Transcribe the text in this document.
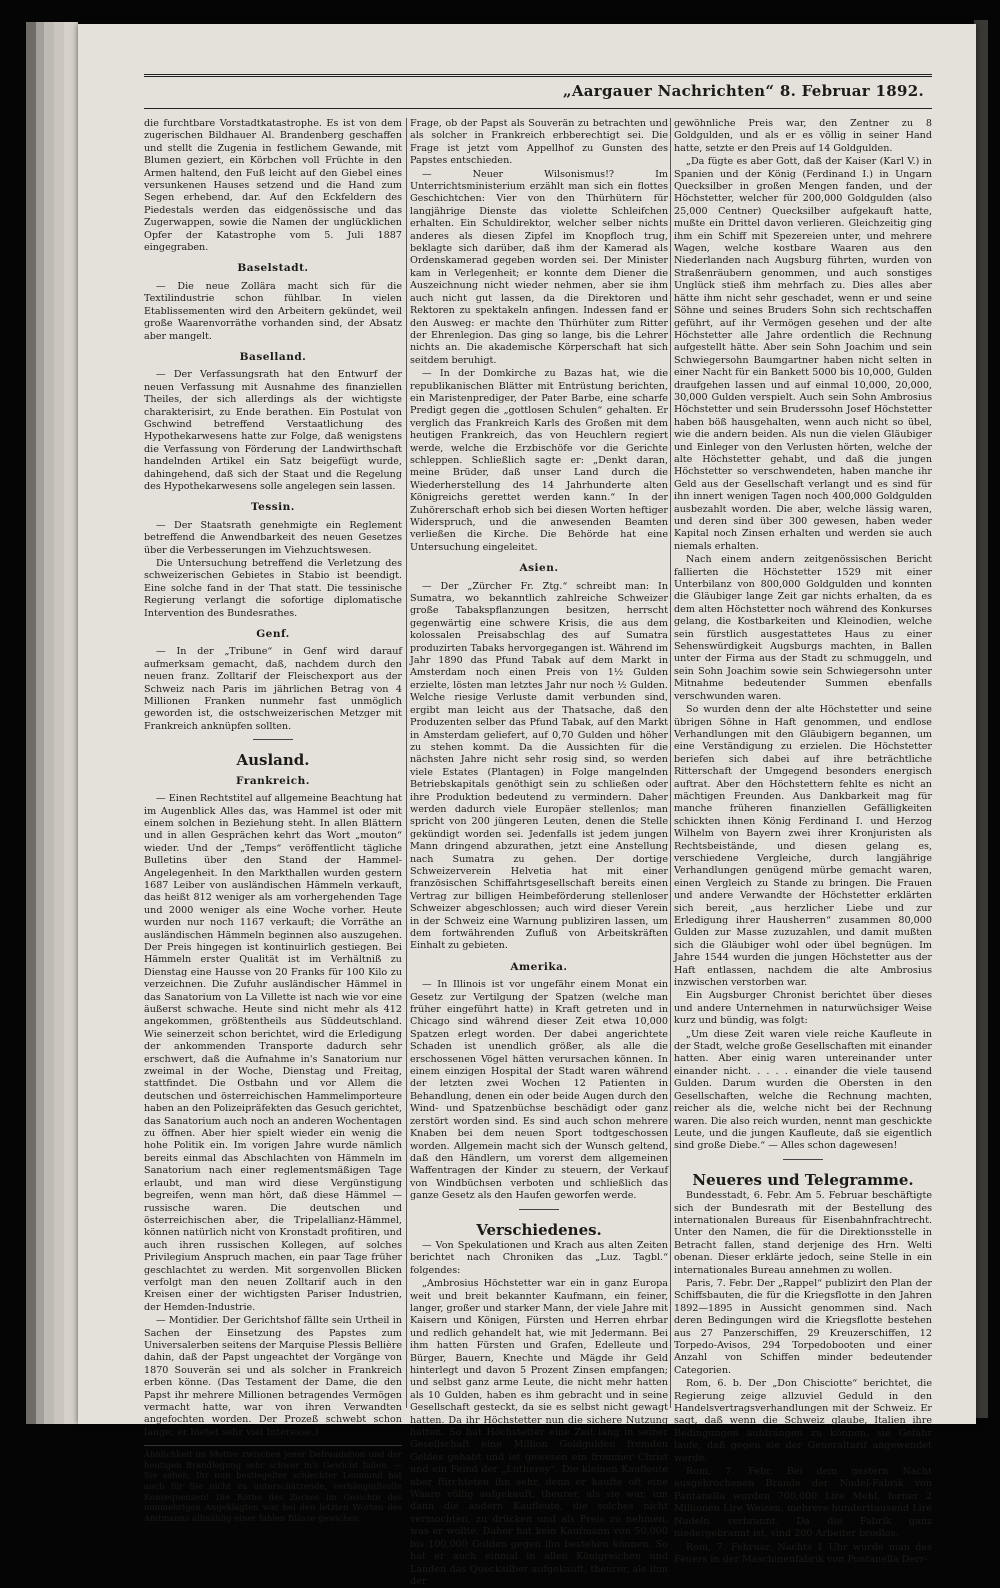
„Aargauer Nachrichten“ 8. Februar 1892.

die furchtbare Vorstadtkatastrophe. Es ist von dem zugerischen Bildhauer Al. Brandenberg geschaffen und stellt die Zugenia in festlichem Gewande, mit Blumen geziert, ein Körbchen voll Früchte in den Armen haltend, den Fuß leicht auf den Giebel eines versunkenen Hauses setzend und die Hand zum Segen erhebend, dar. Auf den Eckfeldern des Piedestals werden das eidgenössische und das Zugerwappen, sowie die Namen der unglücklichen Opfer der Katastrophe vom 5. Juli 1887 eingegraben.

Baselstadt.

— Die neue Zollära macht sich für die Textilindustrie schon fühlbar. In vielen Etablissementen wird den Arbeitern gekündet, weil große Waarenvorräthe vorhanden sind, der Absatz aber mangelt.

Baselland.

— Der Verfassungsrath hat den Entwurf der neuen Verfassung mit Ausnahme des finanziellen Theiles, der sich allerdings als der wichtigste charakterisirt, zu Ende berathen. Ein Postulat von Gschwind betreffend Verstaatlichung des Hypothekarwesens hatte zur Folge, daß wenigstens die Verfassung von Förderung der Landwirthschaft handelnden Artikel ein Satz beigefügt wurde, dahingehend, daß sich der Staat und die Regelung des Hypothekarwesens solle angelegen sein lassen.

Tessin.

— Der Staatsrath genehmigte ein Reglement betreffend die Anwendbarkeit des neuen Gesetzes über die Verbesserungen im Viehzuchtswesen.

Die Untersuchung betreffend die Verletzung des schweizerischen Gebietes in Stabio ist beendigt. Eine solche fand in der That statt. Die tessinische Regierung verlangt die sofortige diplomatische Intervention des Bundesrathes.

Genf.

— In der „Tribune“ in Genf wird darauf aufmerksam gemacht, daß, nachdem durch den neuen franz. Zolltarif der Fleischexport aus der Schweiz nach Paris im jährlichen Betrag von 4 Millionen Franken nunmehr fast unmöglich geworden ist, die ostschweizerischen Metzger mit Frankreich anknüpfen sollten.

Ausland.
Frankreich.

— Einen Rechtstitel auf allgemeine Beachtung hat im Augenblick Alles das, was Hammel ist oder mit einem solchen in Beziehung steht. In allen Blättern und in allen Gesprächen kehrt das Wort „mouton“ wieder. Und der „Temps“ veröffentlicht tägliche Bulletins über den Stand der Hammel-Angelegenheit. In den Markthallen wurden gestern 1687 Leiber von ausländischen Hämmeln verkauft, das heißt 812 weniger als am vorhergehenden Tage und 2000 weniger als eine Woche vorher. Heute wurden nur noch 1167 verkauft; die Vorräthe an ausländischen Hämmeln beginnen also auszugehen. Der Preis hingegen ist kontinuirlich gestiegen. Bei Hämmeln erster Qualität ist im Verhältniß zu Dienstag eine Hausse von 20 Franks für 100 Kilo zu verzeichnen. Die Zufuhr ausländischer Hämmel in das Sanatorium von La Villette ist nach wie vor eine äußerst schwache. Heute sind nicht mehr als 412 angekommen, größtentheils aus Süddeutschland. Wie seinerzeit schon berichtet, wird die Erledigung der ankommenden Transporte dadurch sehr erschwert, daß die Aufnahme in's Sanatorium nur zweimal in der Woche, Dienstag und Freitag, stattfindet. Die Ostbahn und vor Allem die deutschen und österreichischen Hammelimporteure haben an den Polizeipräfekten das Gesuch gerichtet, das Sanatorium auch noch an anderen Wochentagen zu öffnen. Aber hier spielt wieder ein wenig die hohe Politik ein. Im vorigen Jahre wurde nämlich bereits einmal das Abschlachten von Hämmeln im Sanatorium nach einer reglementsmäßigen Tage erlaubt, und man wird diese Vergünstigung begreifen, wenn man hört, daß diese Hämmel — russische waren. Die deutschen und österreichischen aber, die Tripelallianz-Hämmel, können natürlich nicht von Kronstadt profitiren, und auch ihren russischen Kollegen, auf solches Privilegium Anspruch machen, ein paar Tage früher geschlachtet zu werden. Mit sorgenvollen Blicken verfolgt man den neuen Zolltarif auch in den Kreisen einer der wichtigsten Pariser Industrien, der Hemden-Industrie.

— Montidier. Der Gerichtshof fällte sein Urtheil in Sachen der Einsetzung des Papstes zum Universalerben seitens der Marquise Plessis Bellière dahin, daß der Papst ungeachtet der Vorgänge von 1870 Souverän sei und als solcher in Frankreich erben könne. (Das Testament der Dame, die den Papst ihr mehrere Millionen betragendes Vermögen vermacht hatte, war von ihren Verwandten angefochten worden. Der Prozeß schwebt schon lange; er bietet sehr viel Interesse.)

Ähnlichkeit im Motive zwischen jener Defraudation und der heutigen Brandlegung sehr schwer in's Gewicht fallen. — Sie sehen, Ihr nun bestiegelter schlechter Leumund hat auch für Sie nicht zu unterschätzende, verhängnißvolle Konsequenzen! Die Röthe des Zornes im Gesichte des nunmehrigen Angeklagten war bei den letzten Worten des Amtmanns allmählig einer fahlen Blässe gewichen.

Frage, ob der Papst als Souverän zu betrachten und als solcher in Frankreich erbberechtigt sei. Die Frage ist jetzt vom Appellhof zu Gunsten des Papstes entschieden.

— Neuer Wilsonismus!? Im Unterrichtsministerium erzählt man sich ein flottes Geschichtchen: Vier von den Thürhütern für langjährige Dienste das violette Schleifchen erhalten. Ein Schuldirektor, welcher selber nichts anderes als diesen Zipfel im Knopfloch trug, beklagte sich darüber, daß ihm der Kamerad als Ordenskamerad gegeben worden sei. Der Minister kam in Verlegenheit; er konnte dem Diener die Auszeichnung nicht wieder nehmen, aber sie ihm auch nicht gut lassen, da die Direktoren und Rektoren zu spektakeln anfingen. Indessen fand er den Ausweg: er machte den Thürhüter zum Ritter der Ehrenlegion. Das ging so lange, bis die Lehrer nichts an. Die akademische Körperschaft hat sich seitdem beruhigt.

— In der Domkirche zu Bazas hat, wie die republikanischen Blätter mit Entrüstung berichten, ein Maristenprediger, der Pater Barbe, eine scharfe Predigt gegen die „gottlosen Schulen“ gehalten. Er verglich das Frankreich Karls des Großen mit dem heutigen Frankreich, das von Heuchlern regiert werde, welche die Erzbischöfe vor die Gerichte schleppen. Schließlich sagte er: „Denkt daran, meine Brüder, daß unser Land durch die Wiederherstellung des 14 Jahrhunderte alten Königreichs gerettet werden kann.“ In der Zuhörerschaft erhob sich bei diesen Worten heftiger Widerspruch, und die anwesenden Beamten verließen die Kirche. Die Behörde hat eine Untersuchung eingeleitet.

Asien.

— Der „Zürcher Fr. Ztg.“ schreibt man: In Sumatra, wo bekanntlich zahlreiche Schweizer große Tabakspflanzungen besitzen, herrscht gegenwärtig eine schwere Krisis, die aus dem kolossalen Preisabschlag des auf Sumatra produzirten Tabaks hervorgegangen ist. Während im Jahr 1890 das Pfund Tabak auf dem Markt in Amsterdam noch einen Preis von 1½ Gulden erzielte, lösten man letztes Jahr nur noch ½ Gulden. Welche riesige Verluste damit verbunden sind, ergibt man leicht aus der Thatsache, daß den Produzenten selber das Pfund Tabak, auf den Markt in Amsterdam geliefert, auf 0,70 Gulden und höher zu stehen kommt. Da die Aussichten für die nächsten Jahre nicht sehr rosig sind, so werden viele Estates (Plantagen) in Folge mangelnden Betriebskapitals genöthigt sein zu schließen oder ihre Produktion bedeutend zu vermindern. Daher werden dadurch viele Europäer stellenlos; man spricht von 200 jüngeren Leuten, denen die Stelle gekündigt worden sei. Jedenfalls ist jedem jungen Mann dringend abzurathen, jetzt eine Anstellung nach Sumatra zu gehen. Der dortige Schweizerverein Helvetia hat mit einer französischen Schiffahrtsgesellschaft bereits einen Vertrag zur billigen Heimbeförderung stellenloser Schweizer abgeschlossen; auch wird dieser Verein in der Schweiz eine Warnung publiziren lassen, um dem fortwährenden Zufluß von Arbeitskräften Einhalt zu gebieten.

Amerika.

— In Illinois ist vor ungefähr einem Monat ein Gesetz zur Vertilgung der Spatzen (welche man früher eingeführt hatte) in Kraft getreten und in Chicago sind während dieser Zeit etwa 10,000 Spatzen erlegt worden. Der dabei angerichtete Schaden ist unendlich größer, als alle die erschossenen Vögel hätten verursachen können. In einem einzigen Hospital der Stadt waren während der letzten zwei Wochen 12 Patienten in Behandlung, denen ein oder beide Augen durch den Wind- und Spatzenbüchse beschädigt oder ganz zerstört worden sind. Es sind auch schon mehrere Knaben bei dem neuen Sport todtgeschossen worden. Allgemein macht sich der Wunsch geltend, daß den Händlern, um vorerst dem allgemeinen Waffentragen der Kinder zu steuern, der Verkauf von Windbüchsen verboten und schließlich das ganze Gesetz als den Haufen geworfen werde.

Verschiedenes.

— Von Spekulationen und Krach aus alten Zeiten berichtet nach Chroniken das „Luz. Tagbl.“ folgendes:

„Ambrosius Höchstetter war ein in ganz Europa weit und breit bekannter Kaufmann, ein feiner, langer, großer und starker Mann, der viele Jahre mit Kaisern und Königen, Fürsten und Herren ehrbar und redlich gehandelt hat, wie mit Jedermann. Bei ihm hatten Fürsten und Grafen, Edelleute und Bürger, Bauern, Knechte und Mägde ihr Geld hinterlegt und davon 5 Prozent Zinsen empfangen; und selbst ganz arme Leute, die nicht mehr hatten als 10 Gulden, haben es ihm gebracht und in seine Gesellschaft gesteckt, da sie es selbst nicht gewagt hatten. Da ihr Höchstetter nun die sichere Nutzung hatten. So hat Höchstetter eine Zeit lang in seiner Gesellschaft eine Million Goldgulden fremden Geldes gehabt und ist gewesen ein frommer Christ und ein Feind der „Lutherey“. Die kleinen Kaufleute aber fürchteten ihn sehr, denn er kaufte oft eine Waare völlig aufgekauft, theurer, als sie war, um dann die andern Kaufleute, die solches nicht vermochten, zu drücken und als Preis zu nehmen, was er wollte. Daher hat kein Kaufmann von 50,000 bis 100,000 Gulden gegen ihn bestehen können. So hat er auch einmal in allen Königreichen und Landen das Quecksilber aufgekauft, theurer, als ihm der

gewöhnliche Preis war, den Zentner zu 8 Goldgulden, und als er es völlig in seiner Hand hatte, setzte er den Preis auf 14 Goldgulden.

„Da fügte es aber Gott, daß der Kaiser (Karl V.) in Spanien und der König (Ferdinand I.) in Ungarn Quecksilber in großen Mengen fanden, und der Höchstetter, welcher für 200,000 Goldgulden (also 25,000 Centner) Quecksilber aufgekauft hatte, mußte ein Drittel davon verlieren. Gleichzeitig ging ihm ein Schiff mit Spezereien unter, und mehrere Wagen, welche kostbare Waaren aus den Niederlanden nach Augsburg führten, wurden von Straßenräubern genommen, und auch sonstiges Unglück stieß ihm mehrfach zu. Dies alles aber hätte ihm nicht sehr geschadet, wenn er und seine Söhne und seines Bruders Sohn sich rechtschaffen geführt, auf ihr Vermögen gesehen und der alte Höchstetter alle Jahre ordentlich die Rechnung aufgestellt hätte. Aber sein Sohn Joachim und sein Schwiegersohn Baumgartner haben nicht selten in einer Nacht für ein Bankett 5000 bis 10,000, Gulden draufgehen lassen und auf einmal 10,000, 20,000, 30,000 Gulden verspielt. Auch sein Sohn Ambrosius Höchstetter und sein Bruderssohn Josef Höchstetter haben böß hausgehalten, wenn auch nicht so übel, wie die andern beiden. Als nun die vielen Gläubiger und Einleger von den Verlusten hörten, welche der alte Höchstetter gehabt, und daß die jungen Höchstetter so verschwendeten, haben manche ihr Geld aus der Gesellschaft verlangt und es sind für ihn innert wenigen Tagen noch 400,000 Goldgulden ausbezahlt worden. Die aber, welche lässig waren, und deren sind über 300 gewesen, haben weder Kapital noch Zinsen erhalten und werden sie auch niemals erhalten.

Nach einem andern zeitgenössischen Bericht fallierten die Höchstetter 1529 mit einer Unterbilanz von 800,000 Goldgulden und konnten die Gläubiger lange Zeit gar nichts erhalten, da es dem alten Höchstetter noch während des Konkurses gelang, die Kostbarkeiten und Kleinodien, welche sein fürstlich ausgestattetes Haus zu einer Sehenswürdigkeit Augsburgs machten, in Ballen unter der Firma aus der Stadt zu schmuggeln, und sein Sohn Joachim sowie sein Schwiegersohn unter Mitnahme bedeutender Summen ebenfalls verschwunden waren.

So wurden denn der alte Höchstetter und seine übrigen Söhne in Haft genommen, und endlose Verhandlungen mit den Gläubigern begannen, um eine Verständigung zu erzielen. Die Höchstetter beriefen sich dabei auf ihre beträchtliche Ritterschaft der Umgegend besonders energisch auftrat. Aber den Höchstettern fehlte es nicht an mächtigen Freunden. Aus Dankbarkeit mag für manche früheren finanziellen Gefälligkeiten schickten ihnen König Ferdinand I. und Herzog Wilhelm von Bayern zwei ihrer Kronjuristen als Rechtsbeistände, und diesen gelang es, verschiedene Vergleiche, durch langjährige Verhandlungen genügend mürbe gemacht waren, einen Vergleich zu Stande zu bringen. Die Frauen und andere Verwandte der Höchstetter erklärten sich bereit, „aus herzlicher Liebe und zur Erledigung ihrer Hausherren“ zusammen 80,000 Gulden zur Masse zuzuzahlen, und damit mußten sich die Gläubiger wohl oder übel begnügen. Im Jahre 1544 wurden die jungen Höchstetter aus der Haft entlassen, nachdem die alte Ambrosius inzwischen verstorben war.

Ein Augsburger Chronist berichtet über dieses und andere Unternehmen in naturwüchsiger Weise kurz und bündig, was folgt:

„Um diese Zeit waren viele reiche Kaufleute in der Stadt, welche große Gesellschaften mit einander hatten. Aber einig waren untereinander unter einander nicht. . . . . einander die viele tausend Gulden. Darum wurden die Obersten in den Gesellschaften, welche die Rechnung machten, reicher als die, welche nicht bei der Rechnung waren. Die also reich wurden, nennt man geschickte Leute, und die jungen Kaufleute, daß sie eigentlich sind große Diebe.“ — Alles schon dagewesen!

Neueres und Telegramme.

Bundesstadt, 6. Febr. Am 5. Februar beschäftigte sich der Bundesrath mit der Bestellung des internationalen Bureaus für Eisenbahnfrachtrecht. Unter den Namen, die für die Direktionsstelle in Betracht fallen, stand derjenige des Hrn. Welti obenan. Dieser erklärte jedoch, seine Stelle in ein internationales Bureau annehmen zu wollen.

Paris, 7. Febr. Der „Rappel“ publizirt den Plan der Schiffsbauten, die für die Kriegsflotte in den Jahren 1892—1895 in Aussicht genommen sind. Nach deren Bedingungen wird die Kriegsflotte bestehen aus 27 Panzerschiffen, 29 Kreuzerschiffen, 12 Torpedo-Avisos, 294 Torpedobooten und einer Anzahl von Schiffen minder bedeutender Categorien.

Rom, 6. b. Der „Don Chisciotte“ berichtet, die Regierung zeige allzuviel Geduld in den Handelsvertragsverhandlungen mit der Schweiz. Er sagt, daß wenn die Schweiz glaube, Italien ihre Bedingungen aufdrängen zu können, sie Gefahr laufe, daß gegen sie der Generaltarif angewendet werde.

Rom, 7. Febr. Bei dem gestern Nacht ausgebrochenen Brande der Nudel-Fabrik von Pantanella wurden 700,000 Lire Mehl, ferner 2 Millionen Lire Weizen, mehrere hunderttausend Lire Nudeln verbrannt. Da die Fabrik ganz niedergebrannt ist, sind 200 Arbeiter brodlos.

Rom, 7. Februar. Nachts 1 Uhr wurde man des Feuers in der Maschinenfabrik von Pontanella Derr-
